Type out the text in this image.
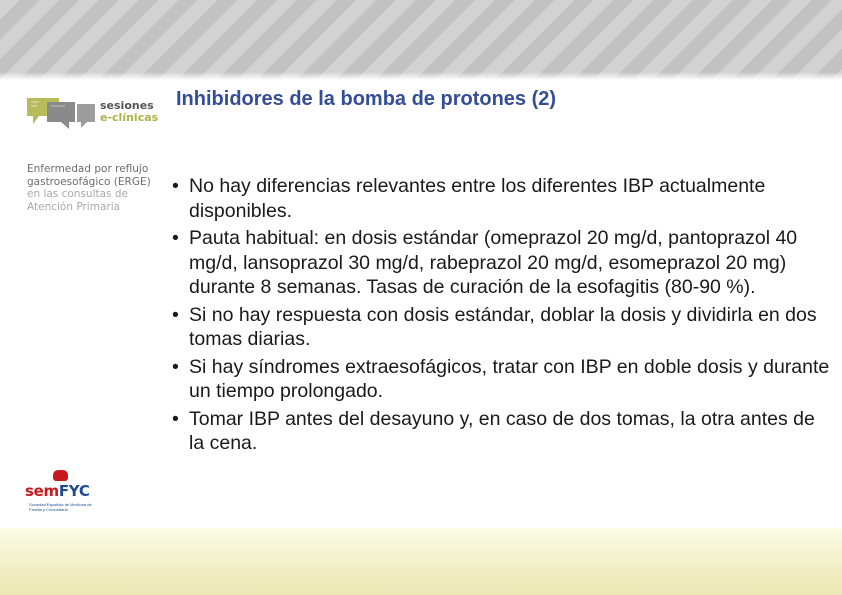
sesiones
e-clínicas
Enfermedad por reflujo
gastroesofágico (ERGE)
en las consultas de
Atención Primaria
semFYC
Sociedad Española de Medicina de Familia y Comunitaria
Inhibidores de la bomba de protones (2)
• No hay diferencias relevantes entre los diferentes IBP actualmente disponibles.
• Pauta habitual: en dosis estándar (omeprazol 20 mg/d, pantoprazol 40 mg/d, lansoprazol 30 mg/d, rabeprazol 20 mg/d, esomeprazol 20 mg) durante 8 semanas. Tasas de curación de la esofagitis (80-90 %).
• Si no hay respuesta con dosis estándar, doblar la dosis y dividirla en dos tomas diarias.
• Si hay síndromes extraesofágicos, tratar con IBP en doble dosis y durante un tiempo prolongado.
• Tomar IBP antes del desayuno y, en caso de dos tomas, la otra antes de la cena.
